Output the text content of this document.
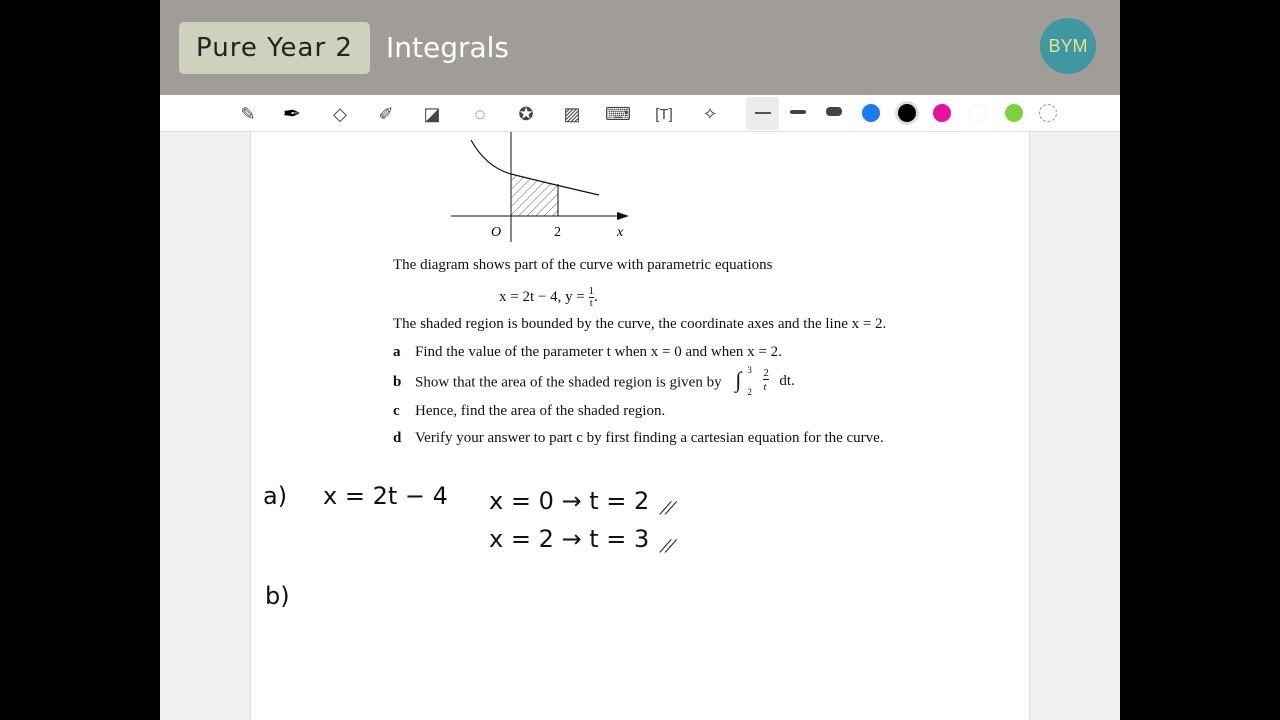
Pure Year 2	Integrals	BYM
✎ ✒	◇	✐	◪	◌	✪	▨	⌨	[T]	✧
O	2	x
The diagram shows part of the curve with parametric equations
x = 2t − 4, $y = \frac{1}{t}$ .
The shaded region is bounded by the curve, the coordinate axes and the line x = 2.
a Find the value of the parameter t when x = 0 and when x = 2.
b Show that the area of the shaded region is given by ∫ 3
2
2
t dt.
c Hence, find the area of the shaded region.
d Verify your answer to part c by first finding a cartesian equation for the curve.
a) x = 2t − 4 x = 0 → t = 2 //
x = 2 → t = 3 //
b)
